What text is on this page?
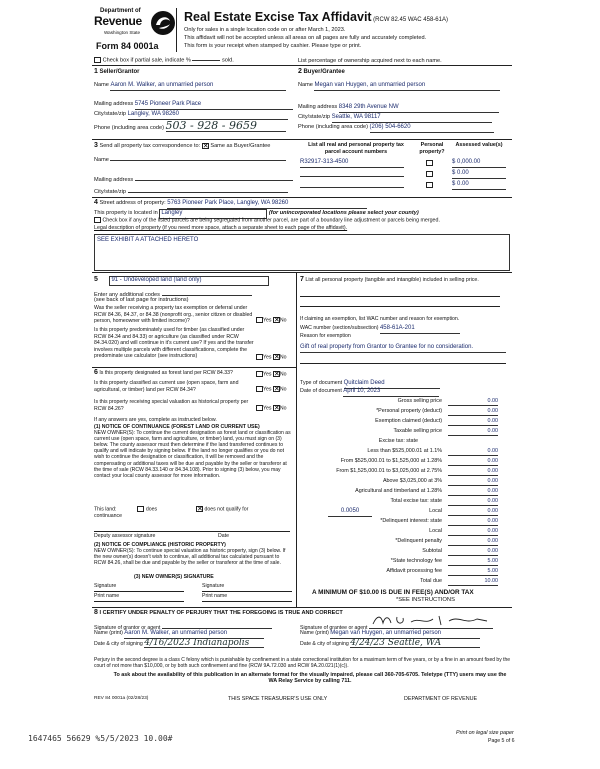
Department of
Revenue
Washington State
Form 84 0001a
Real Estate Excise Tax Affidavit (RCW 82.45 WAC 458-61A)
Only for sales in a single location code on or after March 1, 2023.
This affidavit will not be accepted unless all areas on all pages are fully and accurately completed.
This form is your receipt when stamped by cashier. Please type or print.
Check box if partial sale, indicate %	sold.	List percentage of ownership acquired next to each name.
1 Seller/Grantor
Name Aaron M. Walker, an unmarried person
Mailing address 5745 Pioneer Park Place
City/state/zip Langley, WA 98260
Phone (including area code) 503 - 928 - 9659
2 Buyer/Grantee
Name Megan van Huygen, an unmarried person
Mailing address 8348 29th Avenue NW
City/state/zip Seattle, WA 98117
Phone (including area code) (206) 504-6620
3 Send all property tax correspondence to: ✕ Same as Buyer/Grantee
Name
Mailing address
City/state/zip
List all real and personal property tax parcel account numbers
Personal property?
Assessed value(s)
R32917-313-4500	$ 0,000.00
$ 0.00
$ 0.00
4 Street address of property: 5763 Pioneer Park Place, Langley, WA 98260
This property is located in Langley	(for unincorporated locations please select your county)
Check box if any of the listed parcels are being segregated from another parcel, are part of a boundary line adjustment or parcels being merged.
Legal description of property (if you need more space, attach a separate sheet to each page of the affidavit).
SEE EXHIBIT A ATTACHED HERETO
5 91 - Undeveloped land (land only)
Enter any additional codes
(see back of last page for instructions)
Was the seller receiving a property tax exemption or deferral under RCW 84.36, 84.37, or 84.38 (nonprofit org., senior citizen or disabled person, homeowner with limited income)?	Yes ✕ No
Is this property predominately used for timber (as classified under RCW 84.34 and 84.33) or agriculture (as classified under RCW 84.34.020) and will continue in it's current use? If yes and the transfer involves multiple parcels with different classifications, complete the predominate use calculator (see instructions)	Yes ✕ No
6 Is this property designated as forest land per RCW 84.33?	Yes ✕ No
Is this property classified as current use (open space, farm and agricultural, or timber) land per RCW 84.34?	Yes ✕ No
Is this property receiving special valuation as historical property per RCW 84.26?	Yes ✕ No
If any answers are yes, complete as instructed below.
(1) NOTICE OF CONTINUANCE (FOREST LAND OR CURRENT USE)
NEW OWNER(S): To continue the current designation as forest land or classification as current use (open space, farm and agriculture, or timber) land, you must sign on (3) below. The county assessor must then determine if the land transferred continues to qualify and will indicate by signing below. If the land no longer qualifies or you do not wish to continue the designation or classification, it will be removed and the compensating or additional taxes will be due and payable by the seller or transferor at the time of sale (RCW 84.33.140 or 84.34.108). Prior to signing (3) below, you may contact your local county assessor for more information.
This land:	does ✕	does not qualify for
continuance
Deputy assessor signature	Date
(2) NOTICE OF COMPLIANCE (HISTORIC PROPERTY)
NEW OWNER(S): To continue special valuation as historic property, sign (3) below. If the new owner(s) doesn't wish to continue, all additional tax calculated pursuant to RCW 84.26, shall be due and payable by the seller or transferor at the time of sale.
(3) NEW OWNER(S) SIGNATURE
Signature	Signature
Print name	Print name
7 List all personal property (tangible and intangible) included in selling price.
If claiming an exemption, list WAC number and reason for exemption.
WAC number (section/subsection) 458-61A-201
Reason for exemption
Gift of real property from Grantor to Grantee for no consideration.
Type of document Quitclaim Deed
Date of document April 10, 2023
Gross selling price	0.00
*Personal property (deduct)	0.00
Exemption claimed (deduct)	0.00
Taxable selling price	0.00
Excise tax: state
Less than $525,000.01 at 1.1%	0.00
From $525,000.01 to $1,525,000 at 1.28%	0.00
From $1,525,000.01 to $3,025,000 at 2.75%	0.00
Above $3,025,000 at 3%	0.00
Agricultural and timberland at 1.28%	0.00
Total excise tax: state	0.00
0.0050	Local	0.00
*Delinquent interest: state	0.00
Local	0.00
*Delinquent penalty	0.00
Subtotal	0.00
*State technology fee	5.00
Affidavit processing fee	5.00
Total due	10.00
A MINIMUM OF $10.00 IS DUE IN FEE(S) AND/OR TAX
*SEE INSTRUCTIONS
8 I CERTIFY UNDER PENALTY OF PERJURY THAT THE FOREGOING IS TRUE AND CORRECT
Signature of grantor or agent
Name (print) Aaron M. Walker, an unmarried person
Date & city of signing 4/16/2023 Indianapolis
Signature of grantee or agent
Name (print) Megan van Huygen, an unmarried person
Date & city of signing 4/24/23 Seattle, WA
Perjury in the second degree is a class C felony which is punishable by confinement in a state correctional institution for a maximum term of five years, or by a fine in an amount fixed by the court of not more than $10,000, or by both such confinement and fine (RCW 9A.72.030 and RCW 9A.20.021(1)(c)).
To ask about the availability of this publication in an alternate format for the visually impaired, please call 360-705-6705. Teletype (TTY) users may use the WA Relay Service by calling 711.
REV 84 0001a (02/28/23)	THIS SPACE TREASURER'S USE ONLY	DEPARTMENT OF REVENUE
1647465 56629 %5/5/2023 10.00#
Print on legal size paper
Page 5 of 6
